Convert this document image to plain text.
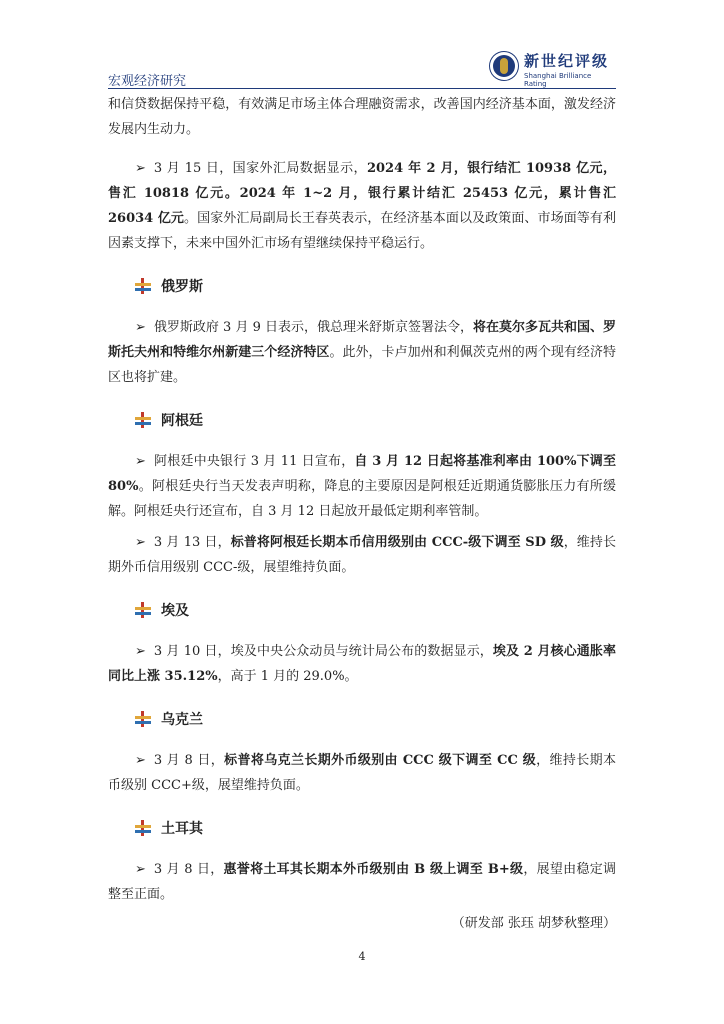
宏观经济研究
新世纪评级
Shanghai Brilliance Rating

和信贷数据保持平稳，有效满足市场主体合理融资需求，改善国内经济基本面，激发经济发展内生动力。

➢ 3 月 15 日，国家外汇局数据显示，2024 年 2 月，银行结汇 10938 亿元，售汇 10818 亿元。2024 年 1~2 月，银行累计结汇 25453 亿元，累计售汇 26034 亿元。国家外汇局副局长王春英表示，在经济基本面以及政策面、市场面等有利因素支撑下，未来中国外汇市场有望继续保持平稳运行。

俄罗斯

➢ 俄罗斯政府 3 月 9 日表示，俄总理米舒斯京签署法令，将在莫尔多瓦共和国、罗斯托夫州和特维尔州新建三个经济特区。此外，卡卢加州和利佩茨克州的两个现有经济特区也将扩建。

阿根廷

➢ 阿根廷中央银行 3 月 11 日宣布，自 3 月 12 日起将基准利率由 100%下调至 80%。阿根廷央行当天发表声明称，降息的主要原因是阿根廷近期通货膨胀压力有所缓解。阿根廷央行还宣布，自 3 月 12 日起放开最低定期利率管制。

➢ 3 月 13 日，标普将阿根廷长期本币信用级别由 CCC-级下调至 SD 级，维持长期外币信用级别 CCC-级，展望维持负面。

埃及

➢ 3 月 10 日，埃及中央公众动员与统计局公布的数据显示，埃及 2 月核心通胀率同比上涨 35.12%，高于 1 月的 29.0%。

乌克兰

➢ 3 月 8 日，标普将乌克兰长期外币级别由 CCC 级下调至 CC 级，维持长期本币级别 CCC+级，展望维持负面。

土耳其

➢ 3 月 8 日，惠誉将土耳其长期本外币级别由 B 级上调至 B+级，展望由稳定调整至正面。

（研发部 张珏 胡梦秋整理）
4
